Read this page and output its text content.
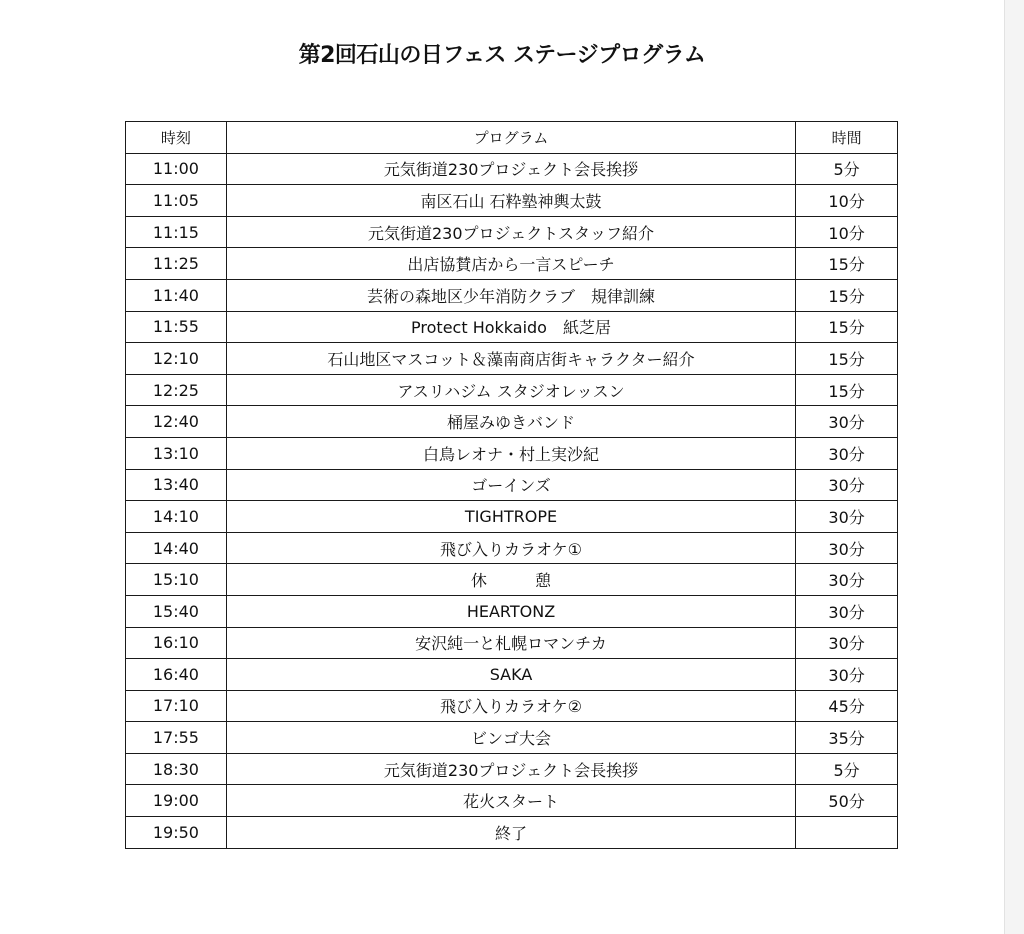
第2回石山の日フェス ステージプログラム
時刻	プログラム	時間
11:00	元気街道230プロジェクト会長挨拶	5分
11:05	南区石山 石粋塾神輿太鼓	10分
11:15	元気街道230プロジェクトスタッフ紹介	10分
11:25	出店協賛店から一言スピーチ	15分
11:40	芸術の森地区少年消防クラブ　規律訓練	15分
11:55	Protect Hokkaido　紙芝居	15分
12:10	石山地区マスコット＆藻南商店街キャラクター紹介	15分
12:25	アスリハジム スタジオレッスン	15分
12:40	桶屋みゆきバンド	30分
13:10	白鳥レオナ・村上実沙紀	30分
13:40	ゴーインズ	30分
14:10	TIGHTROPE	30分
14:40	飛び入りカラオケ①	30分
15:10	休　　　憩	30分
15:40	HEARTONZ	30分
16:10	安沢純一と札幌ロマンチカ	30分
16:40	SAKA	30分
17:10	飛び入りカラオケ②	45分
17:55	ビンゴ大会	35分
18:30	元気街道230プロジェクト会長挨拶	5分
19:00	花火スタート	50分
19:50	終了	
